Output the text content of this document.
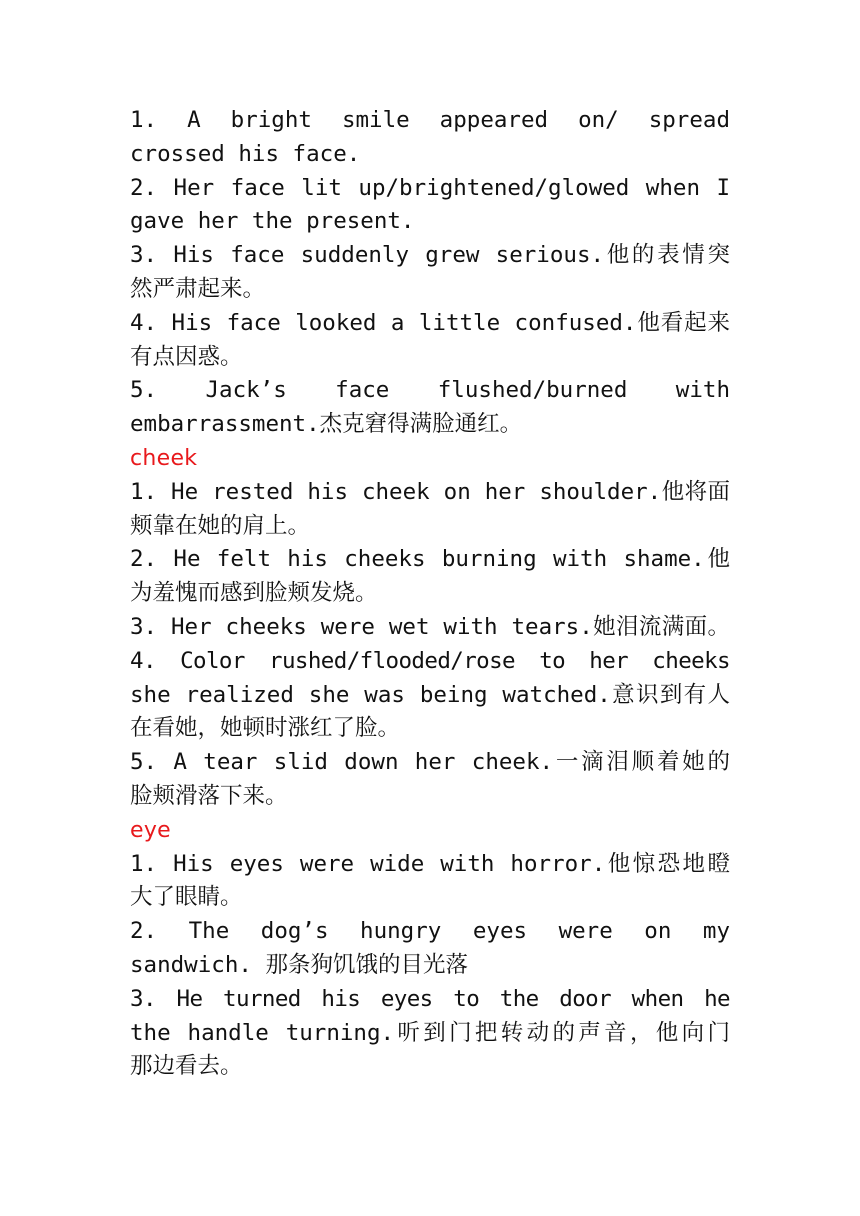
1. A bright smile appeared on/ spread
crossed his face.
2. Her face lit up/brightened/glowed when I
gave her the present.
3. His face suddenly grew serious.他的表情突
然严肃起来。
4. His face looked a little confused.他看起来
有点因惑。
5. Jack’s face flushed/burned with
embarrassment.杰克窘得满脸通红。
cheek
1. He rested his cheek on her shoulder.他将面
颊靠在她的肩上。
2. He felt his cheeks burning with shame.他
为羞愧而感到脸颊发烧。
3. Her cheeks were wet with tears.她泪流满面。
4. Color rushed/flooded/rose to her cheeks
she realized she was being watched.意识到有人
在看她，她顿时涨红了脸。
5. A tear slid down her cheek.一滴泪顺着她的
脸颊滑落下来。
eye
1. His eyes were wide with horror.他惊恐地瞪
大了眼睛。
2. The dog’s hungry eyes were on my
sandwich. 那条狗饥饿的目光落
3. He turned his eyes to the door when he
the handle turning.听到门把转动的声音，他向门
那边看去。
